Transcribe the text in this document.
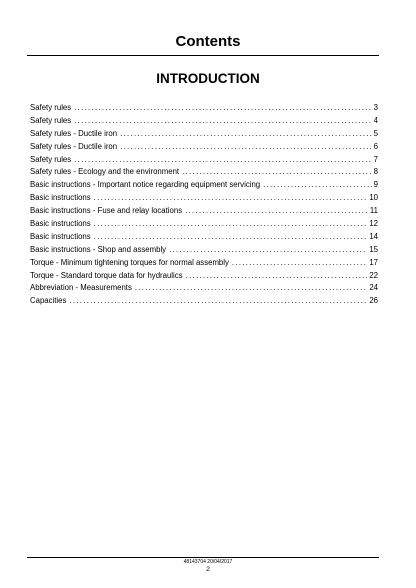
Contents
INTRODUCTION
Safety rules .....	3
Safety rules .....	4
Safety rules - Ductile iron .....	5
Safety rules - Ductile iron .....	6
Safety rules .....	7
Safety rules - Ecology and the environment .....	8
Basic instructions - Important notice regarding equipment servicing .....	9
Basic instructions .....	10
Basic instructions - Fuse and relay locations .....	11
Basic instructions .....	12
Basic instructions .....	14
Basic instructions - Shop and assembly .....	15
Torque - Minimum tightening torques for normal assembly .....	17
Torque - Standard torque data for hydraulics .....	22
Abbreviation - Measurements .....	24
Capacities .....	26
48143704 20/04/2017
2
